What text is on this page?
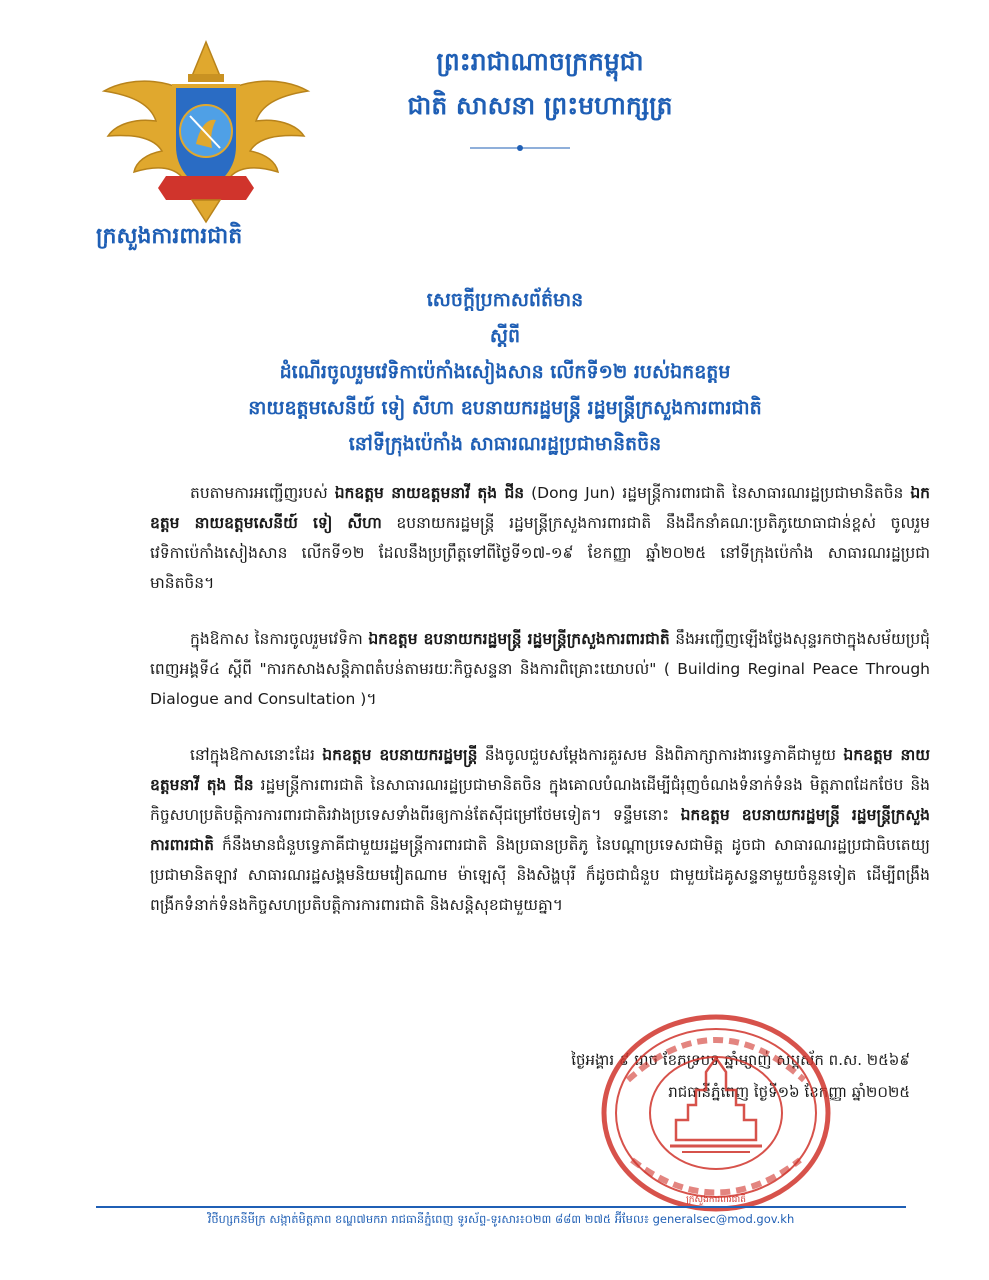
ក្រសួងការពារជាតិ
ព្រះរាជាណាចក្រកម្ពុជា
ជាតិ សាសនា ព្រះមហាក្សត្រ
សេចក្តីប្រកាសព័ត៌មាន
ស្តីពី
ដំណើរចូលរួមវេទិកាប៉េកាំងសៀងសាន លើកទី១២ របស់ឯកឧត្តម
នាយឧត្តមសេនីយ៍ ទៀ សីហា ឧបនាយករដ្ឋមន្ត្រី រដ្ឋមន្ត្រីក្រសួងការពារជាតិ
នៅទីក្រុងប៉េកាំង សាធារណរដ្ឋប្រជាមានិតចិន

តបតាមការអញ្ជើញរបស់ ឯកឧត្តម នាយឧត្តមនាវី តុង ជីន (Dong Jun) រដ្ឋមន្ត្រីការពារជាតិ នៃសាធារណរដ្ឋប្រជាមានិតចិន ឯកឧត្តម នាយឧត្តមសេនីយ៍ ទៀ សីហា ឧបនាយករដ្ឋមន្ត្រី រដ្ឋមន្ត្រីក្រសួងការពារជាតិ នឹងដឹកនាំគណៈប្រតិភូយោធាជាន់ខ្ពស់ ចូលរួមវេទិកាប៉េកាំងសៀងសាន លើកទី១២ ដែលនឹងប្រព្រឹត្តទៅពីថ្ងៃទី១៧-១៩ ខែកញ្ញា ឆ្នាំ២០២៥ នៅទីក្រុងប៉េកាំង សាធារណរដ្ឋប្រជាមានិតចិន។

ក្នុងឱកាស នៃការចូលរួមវេទិកា ឯកឧត្តម ឧបនាយករដ្ឋមន្ត្រី រដ្ឋមន្ត្រីក្រសួងការពារជាតិ នឹងអញ្ជើញឡើងថ្លែងសុន្ទរកថាក្នុងសម័យប្រជុំពេញអង្គទី៤ ស្តីពី "ការកសាងសន្តិភាពតំបន់តាមរយៈកិច្ចសន្ទនា និងការពិគ្រោះយោបល់" ( Building Reginal Peace Through Dialogue and Consultation )។

នៅក្នុងឱកាសនោះដែរ ឯកឧត្តម ឧបនាយករដ្ឋមន្ត្រី នឹងចូលជួបសម្តែងការគួរសម និងពិភាក្សាការងារទ្វេភាគីជាមួយ ឯកឧត្តម នាយឧត្តមនាវី តុង ជីន រដ្ឋមន្ត្រីការពារជាតិ នៃសាធារណរដ្ឋប្រជាមានិតចិន ក្នុងគោលបំណងដើម្បីជំរុញចំណងទំនាក់ទំនង មិត្តភាពដែកថែប និងកិច្ចសហប្រតិបត្តិការការពារជាតិរវាងប្រទេសទាំងពីរឲ្យកាន់តែស៊ីជម្រៅថែមទៀត។ ទន្ទឹមនោះ ឯកឧត្តម ឧបនាយករដ្ឋមន្ត្រី រដ្ឋមន្ត្រីក្រសួងការពារជាតិ ក៏នឹងមានជំនួបទ្វេភាគីជាមួយរដ្ឋមន្ត្រីការពារជាតិ និងប្រធានប្រតិភូ នៃបណ្តាប្រទេសជាមិត្ត ដូចជា សាធារណរដ្ឋប្រជាធិបតេយ្យប្រជាមានិតឡាវ សាធារណរដ្ឋសង្គមនិយមវៀតណាម ម៉ាឡេស៊ី និងសិង្ហបុរី ក៏ដូចជាជំនួប ជាមួយដៃគូសន្ទនាមួយចំនួនទៀត ដើម្បីពង្រឹងពង្រីកទំនាក់ទំនងកិច្ចសហប្រតិបត្តិការការពារជាតិ និងសន្តិសុខជាមួយគ្នា។

ថ្ងៃអង្គារ ៩ រោច ខែភទ្របទ ឆ្នាំម្សាញ់ សប្តស័ក ព.ស. ២៥៦៩
រាជធានីភ្នំពេញ ថ្ងៃទី១៦ ខែកញ្ញា ឆ្នាំ២០២៥
ក្រសួងការពារជាតិ
វិថីហ្សកនីមីក្រ សង្កាត់មិត្តភាព ខណ្ឌ៧មករា រាជធានីភ្នំពេញ ទូរស័ព្ទ-ទូរសារ៖០២៣ ៨៨៣ ២៧៥ អ៊ីមែល៖ generalsec@mod.gov.kh
